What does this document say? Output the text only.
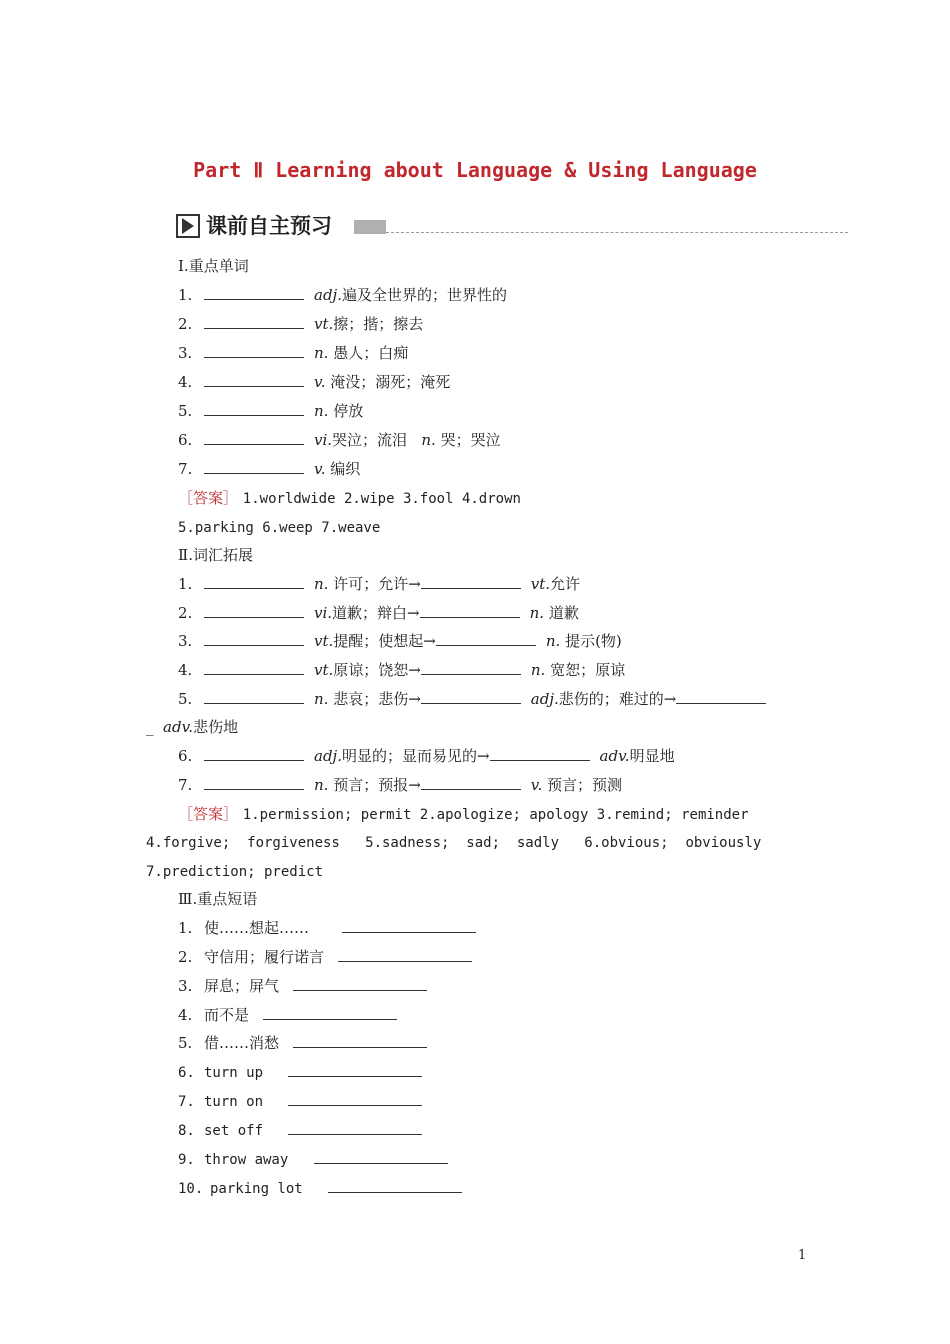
Part Ⅱ Learning about Language & Using Language
课前自主预习
Ⅰ.重点单词
1.	adj.遍及全世界的；世界性的
2.	vt.擦；揩；擦去
3.	n. 愚人；白痴
4.	v. 淹没；溺死；淹死
5.	n. 停放
6.	vi.哭泣；流泪 n. 哭；哭泣
7.	v. 编织
［答案］ 1.worldwide 2.wipe 3.fool 4.drown
5.parking 6.weep 7.weave
Ⅱ.词汇拓展
1.	n. 许可；允许→	vt.允许
2.	vi.道歉；辩白→	n. 道歉
3.	vt.提醒；使想起→	n. 提示(物)
4.	vt.原谅；饶恕→	n. 宽恕；原谅
5.	n. 悲哀；悲伤→	adj.悲伤的；难过的→
_ adv.悲伤地
6.	adj.明显的；显而易见的→	adv.明显地
7.	n. 预言；预报→	v. 预言；预测
［答案］ 1.permission; permit 2.apologize; apology 3.remind; reminder
4.forgive;  forgiveness   5.sadness;  sad;  sadly   6.obvious;  obviously
7.prediction; predict
Ⅲ.重点短语
1. 使……想起……
2. 守信用；履行诺言
3. 屏息；屏气
4. 而不是
5. 借……消愁
6. turn up
7. turn on
8. set off
9. throw away
10. parking lot
1
